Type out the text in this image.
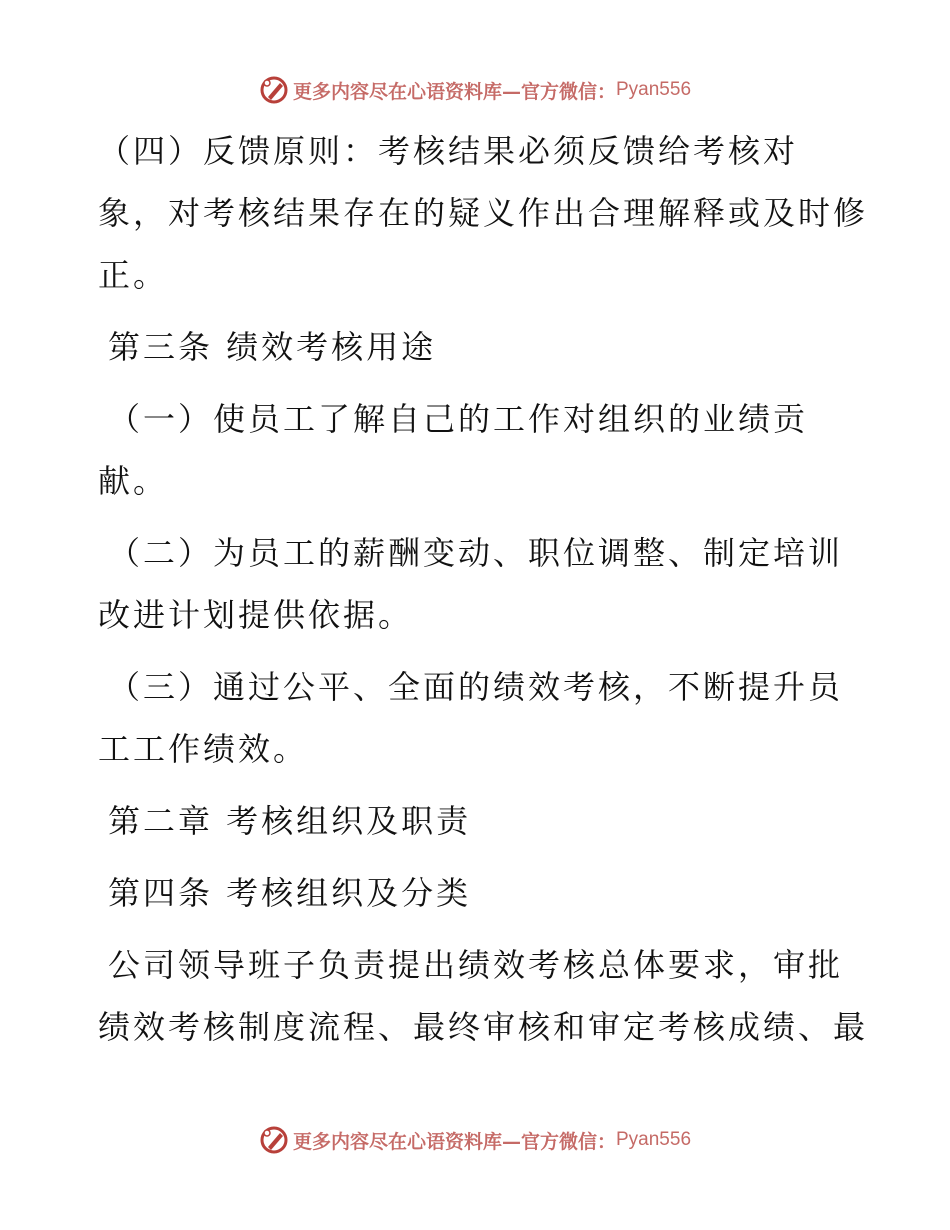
更多内容尽在心语资料库—官方微信： Pyan556

（四）反馈原则：考核结果必须反馈给考核对
象，对考核结果存在的疑义作出合理解释或及时修
正。

第三条 绩效考核用途

（一）使员工了解自己的工作对组织的业绩贡
献。

（二）为员工的薪酬变动、职位调整、制定培训
改进计划提供依据。

（三）通过公平、全面的绩效考核，不断提升员
工工作绩效。

第二章 考核组织及职责

第四条 考核组织及分类

公司领导班子负责提出绩效考核总体要求，审批
绩效考核制度流程、最终审核和审定考核成绩、最

更多内容尽在心语资料库—官方微信： Pyan556
